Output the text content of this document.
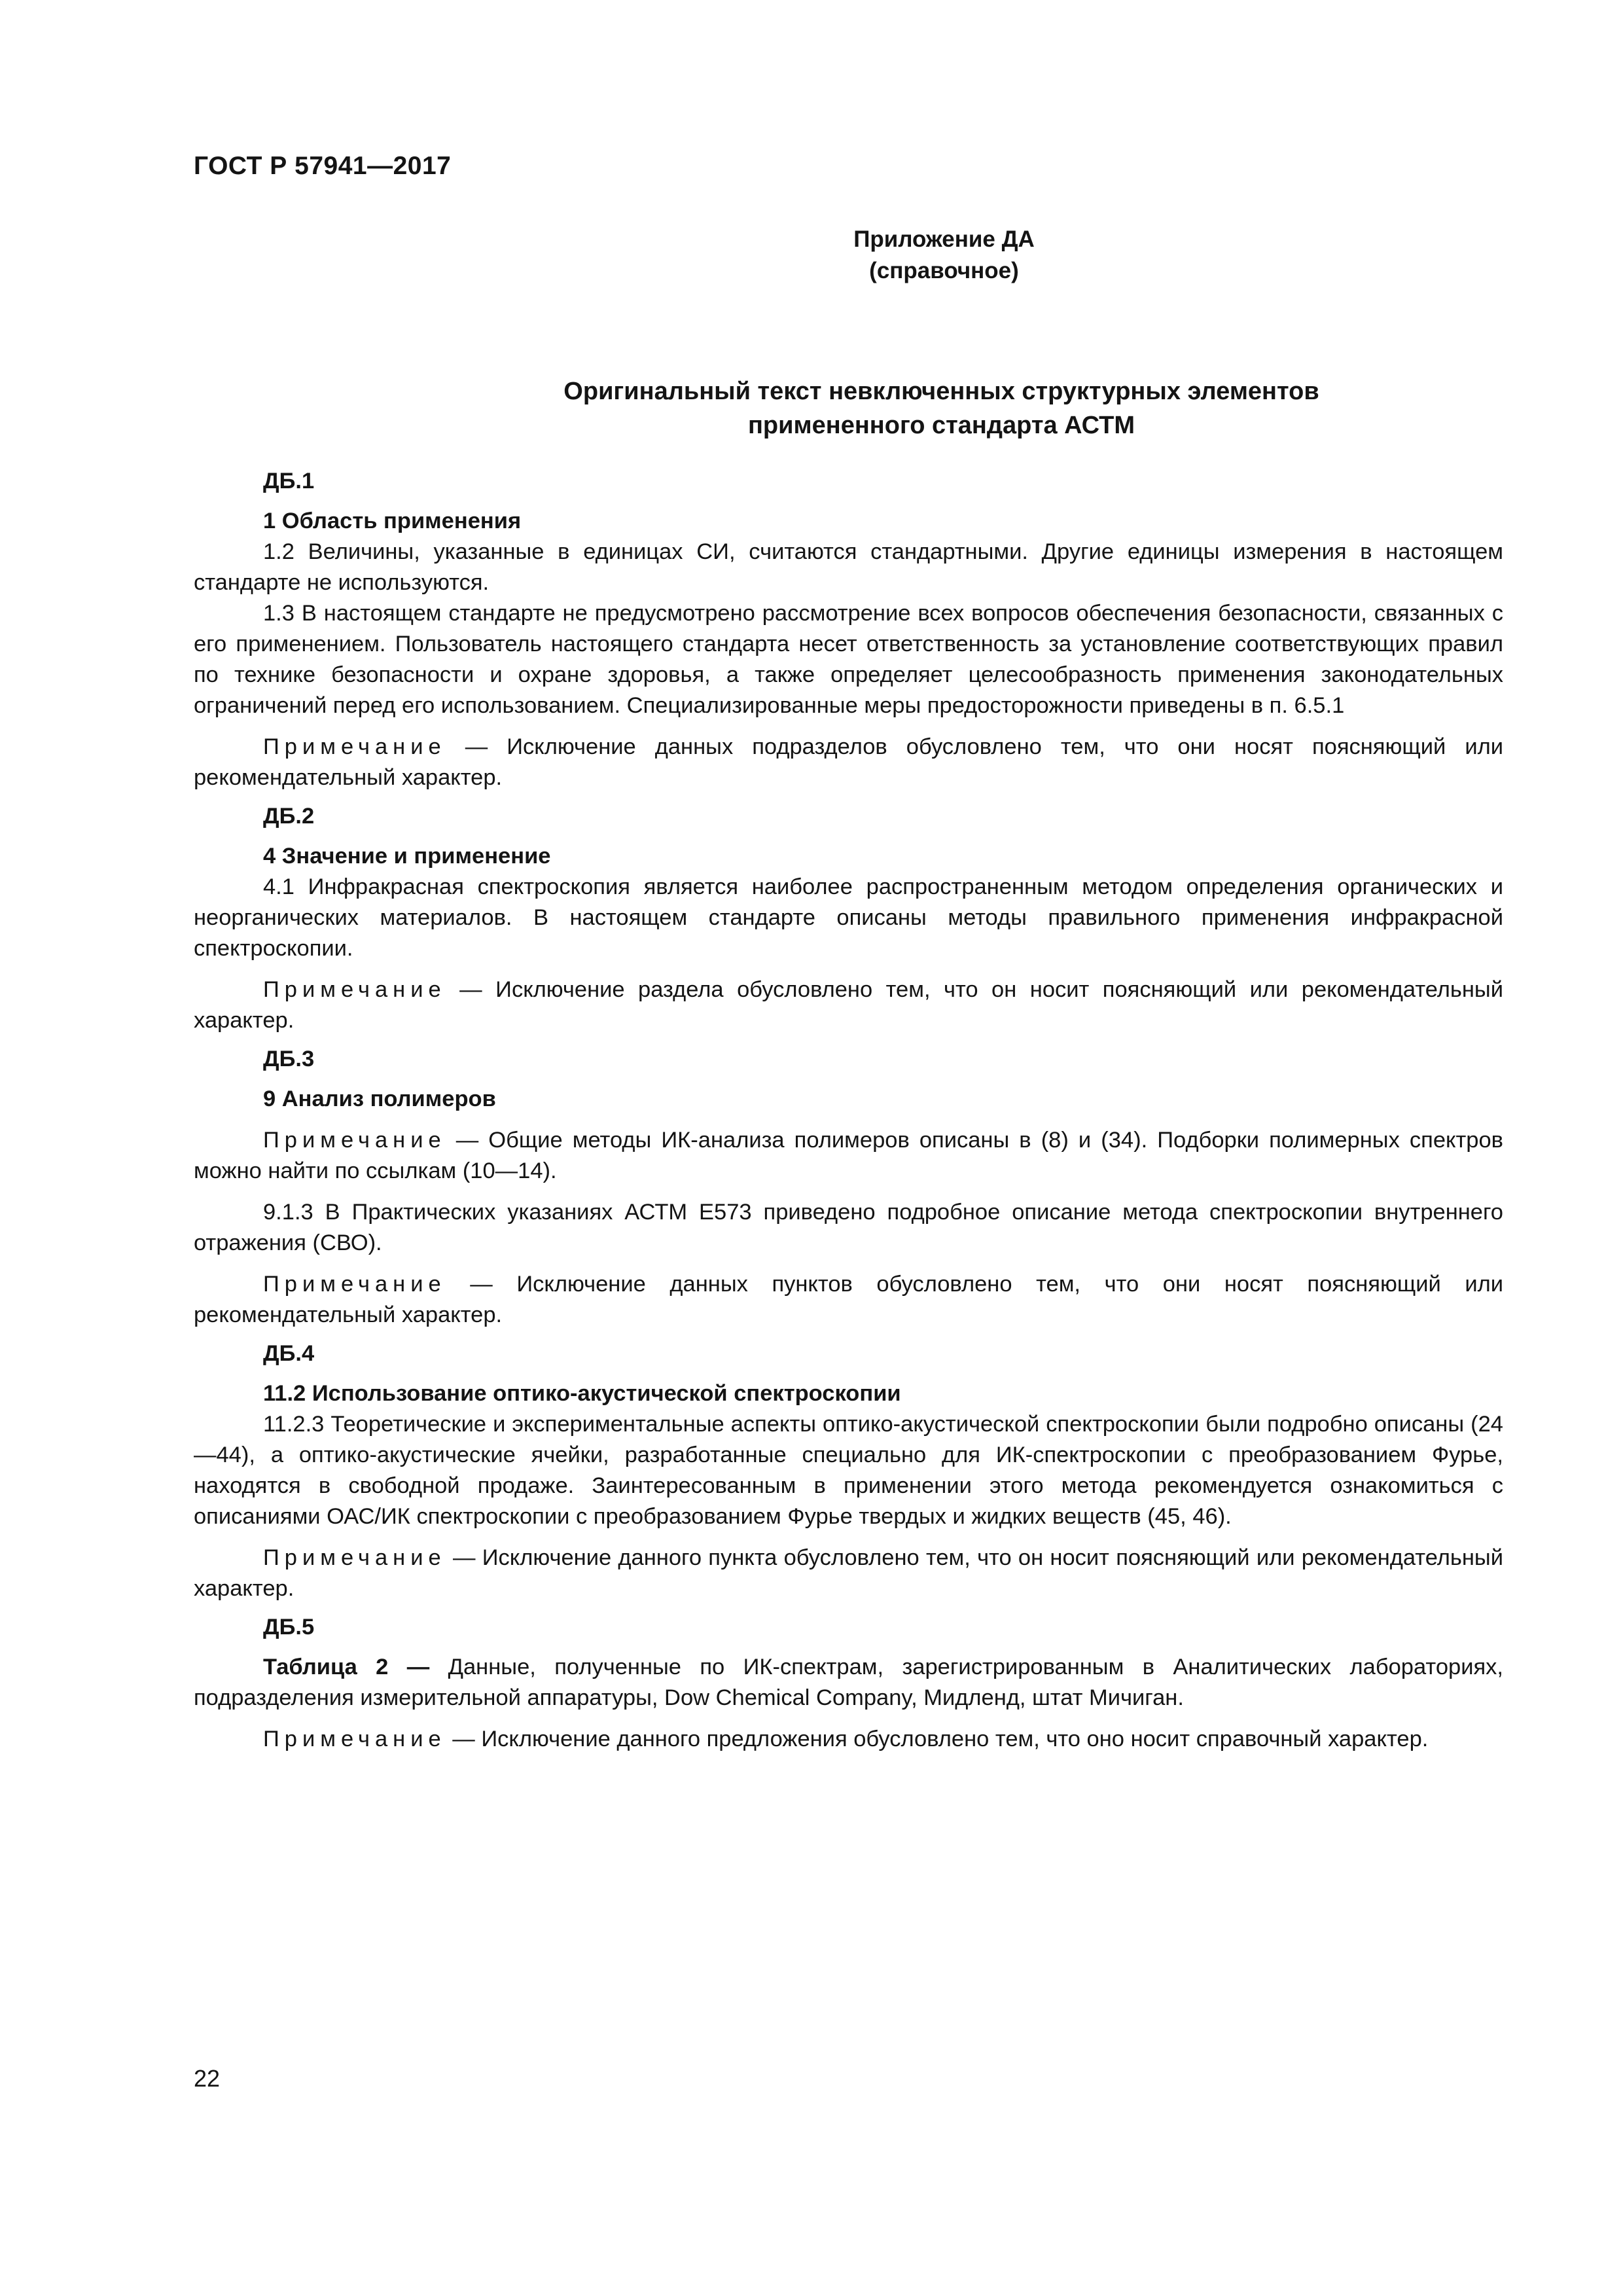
ГОСТ Р 57941—2017
Приложение ДА
(справочное)
Оригинальный текст невключенных структурных элементов
примененного стандарта АСТМ

ДБ.1

1 Область применения

1.2 Величины, указанные в единицах СИ, считаются стандартными. Другие единицы измерения в настоящем стандарте не используются.

1.3 В настоящем стандарте не предусмотрено рассмотрение всех вопросов обеспечения безопасности, связанных с его применением. Пользователь настоящего стандарта несет ответственность за установление соответствующих правил по технике безопасности и охране здоровья, а также определяет целесообразность применения законодательных ограничений перед его использованием. Специализированные меры предосторожности приведены в п. 6.5.1

Примечание — Исключение данных подразделов обусловлено тем, что они носят поясняющий или рекомендательный характер.

ДБ.2

4 Значение и применение

4.1 Инфракрасная спектроскопия является наиболее распространенным методом определения органических и неорганических материалов. В настоящем стандарте описаны методы правильного применения инфракрасной спектроскопии.

Примечание — Исключение раздела обусловлено тем, что он носит поясняющий или рекомендательный характер.

ДБ.3

9 Анализ полимеров

Примечание — Общие методы ИК-анализа полимеров описаны в (8) и (34). Подборки полимерных спектров можно найти по ссылкам (10—14).

9.1.3 В Практических указаниях АСТМ Е573 приведено подробное описание метода спектроскопии внутреннего отражения (СВО).

Примечание — Исключение данных пунктов обусловлено тем, что они носят поясняющий или рекомендательный характер.

ДБ.4

11.2 Использование оптико-акустической спектроскопии

11.2.3 Теоретические и экспериментальные аспекты оптико-акустической спектроскопии были подробно описаны (24—44), а оптико-акустические ячейки, разработанные специально для ИК-спектроскопии с преобразованием Фурье, находятся в свободной продаже. Заинтересованным в применении этого метода рекомендуется ознакомиться с описаниями ОАС/ИК спектроскопии с преобразованием Фурье твердых и жидких веществ (45, 46).

Примечание — Исключение данного пункта обусловлено тем, что он носит поясняющий или рекомендательный характер.

ДБ.5

Таблица 2 — Данные, полученные по ИК-спектрам, зарегистрированным в Аналитических лабораториях, подразделения измерительной аппаратуры, Dow Chemical Company, Мидленд, штат Мичиган.

Примечание — Исключение данного предложения обусловлено тем, что оно носит справочный характер.

22
